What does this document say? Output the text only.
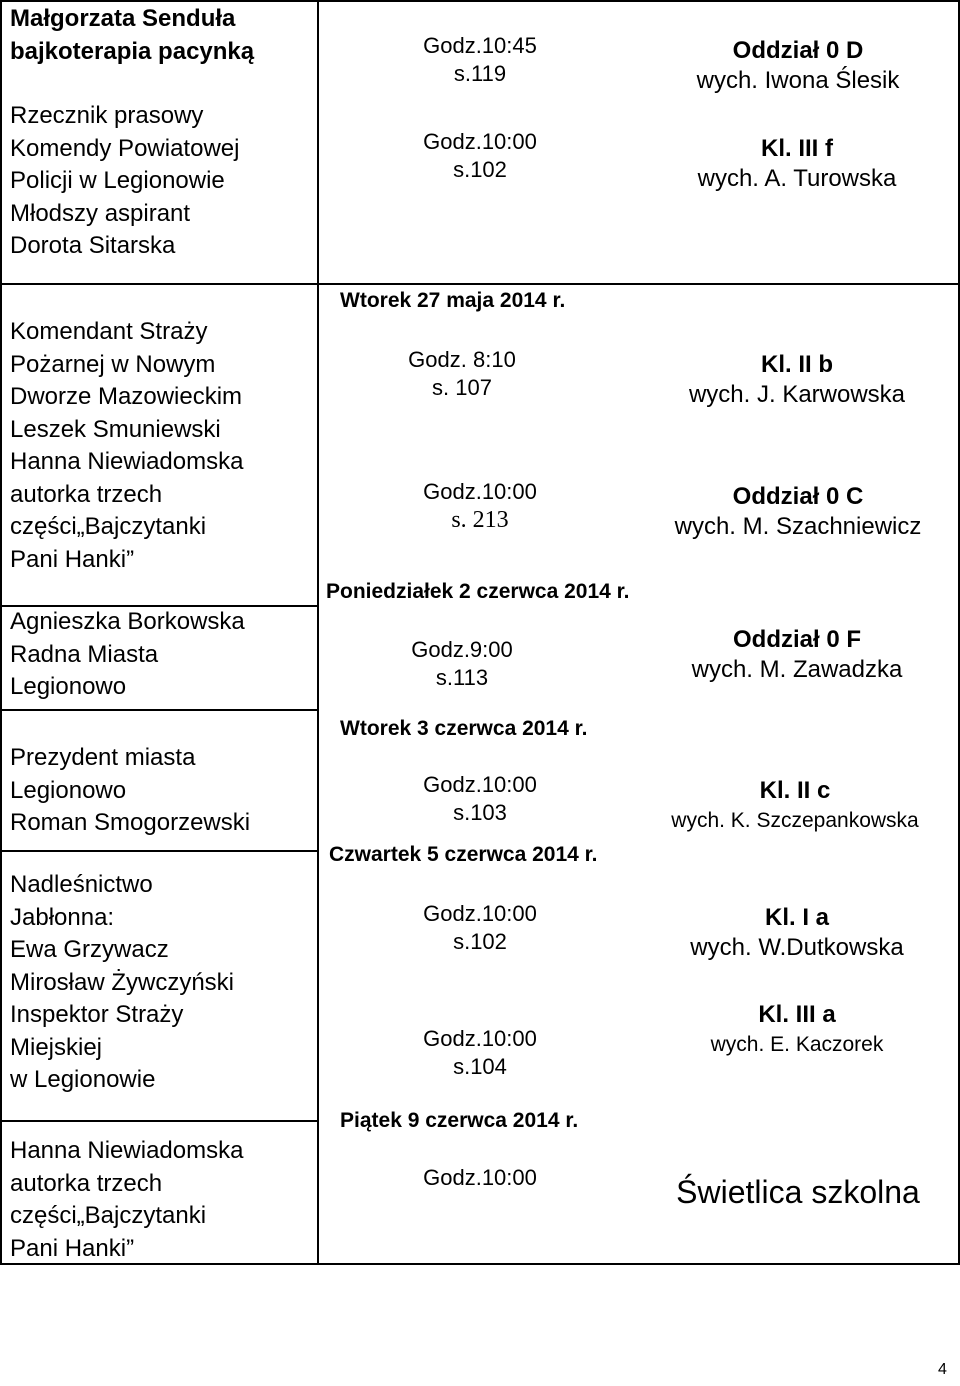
Małgorzata Senduła
bajkoterapia pacynką
Rzecznik prasowy
Komendy Powiatowej
Policji w Legionowie
Młodszy aspirant
Dorota Sitarska
Komendant Straży
Pożarnej w Nowym
Dworze Mazowieckim
Leszek Smuniewski
Hanna Niewiadomska
autorka trzech
części„Bajczytanki
Pani Hanki”
Agnieszka Borkowska
Radna Miasta
Legionowo
Prezydent miasta
Legionowo
Roman Smogorzewski
Nadleśnictwo
Jabłonna:
Ewa Grzywacz
Mirosław Żywczyński
Inspektor Straży
Miejskiej
w Legionowie
Hanna Niewiadomska
autorka trzech
części„Bajczytanki
Pani Hanki”
Wtorek 27 maja 2014 r.
Poniedziałek 2 czerwca 2014 r.
Wtorek 3 czerwca 2014 r.
Czwartek 5 czerwca 2014 r.
Piątek 9 czerwca 2014 r.
Godz.10:45
s.119
Godz.10:00
s.102
Godz. 8:10
s. 107
Godz.10:00
s. 213
Godz.9:00
s.113
Godz.10:00
s.103
Godz.10:00
s.102
Godz.10:00
s.104
Godz.10:00
Oddział 0 D
wych. Iwona Ślesik
Kl. III f
wych. A. Turowska
Kl. II b
wych. J. Karwowska
Oddział 0 C
wych. M. Szachniewicz
Oddział 0 F
wych. M. Zawadzka
Kl. II c
wych. K. Szczepankowska
Kl. I a
wych. W.Dutkowska
Kl. III a
wych. E. Kaczorek
Świetlica szkolna
4
